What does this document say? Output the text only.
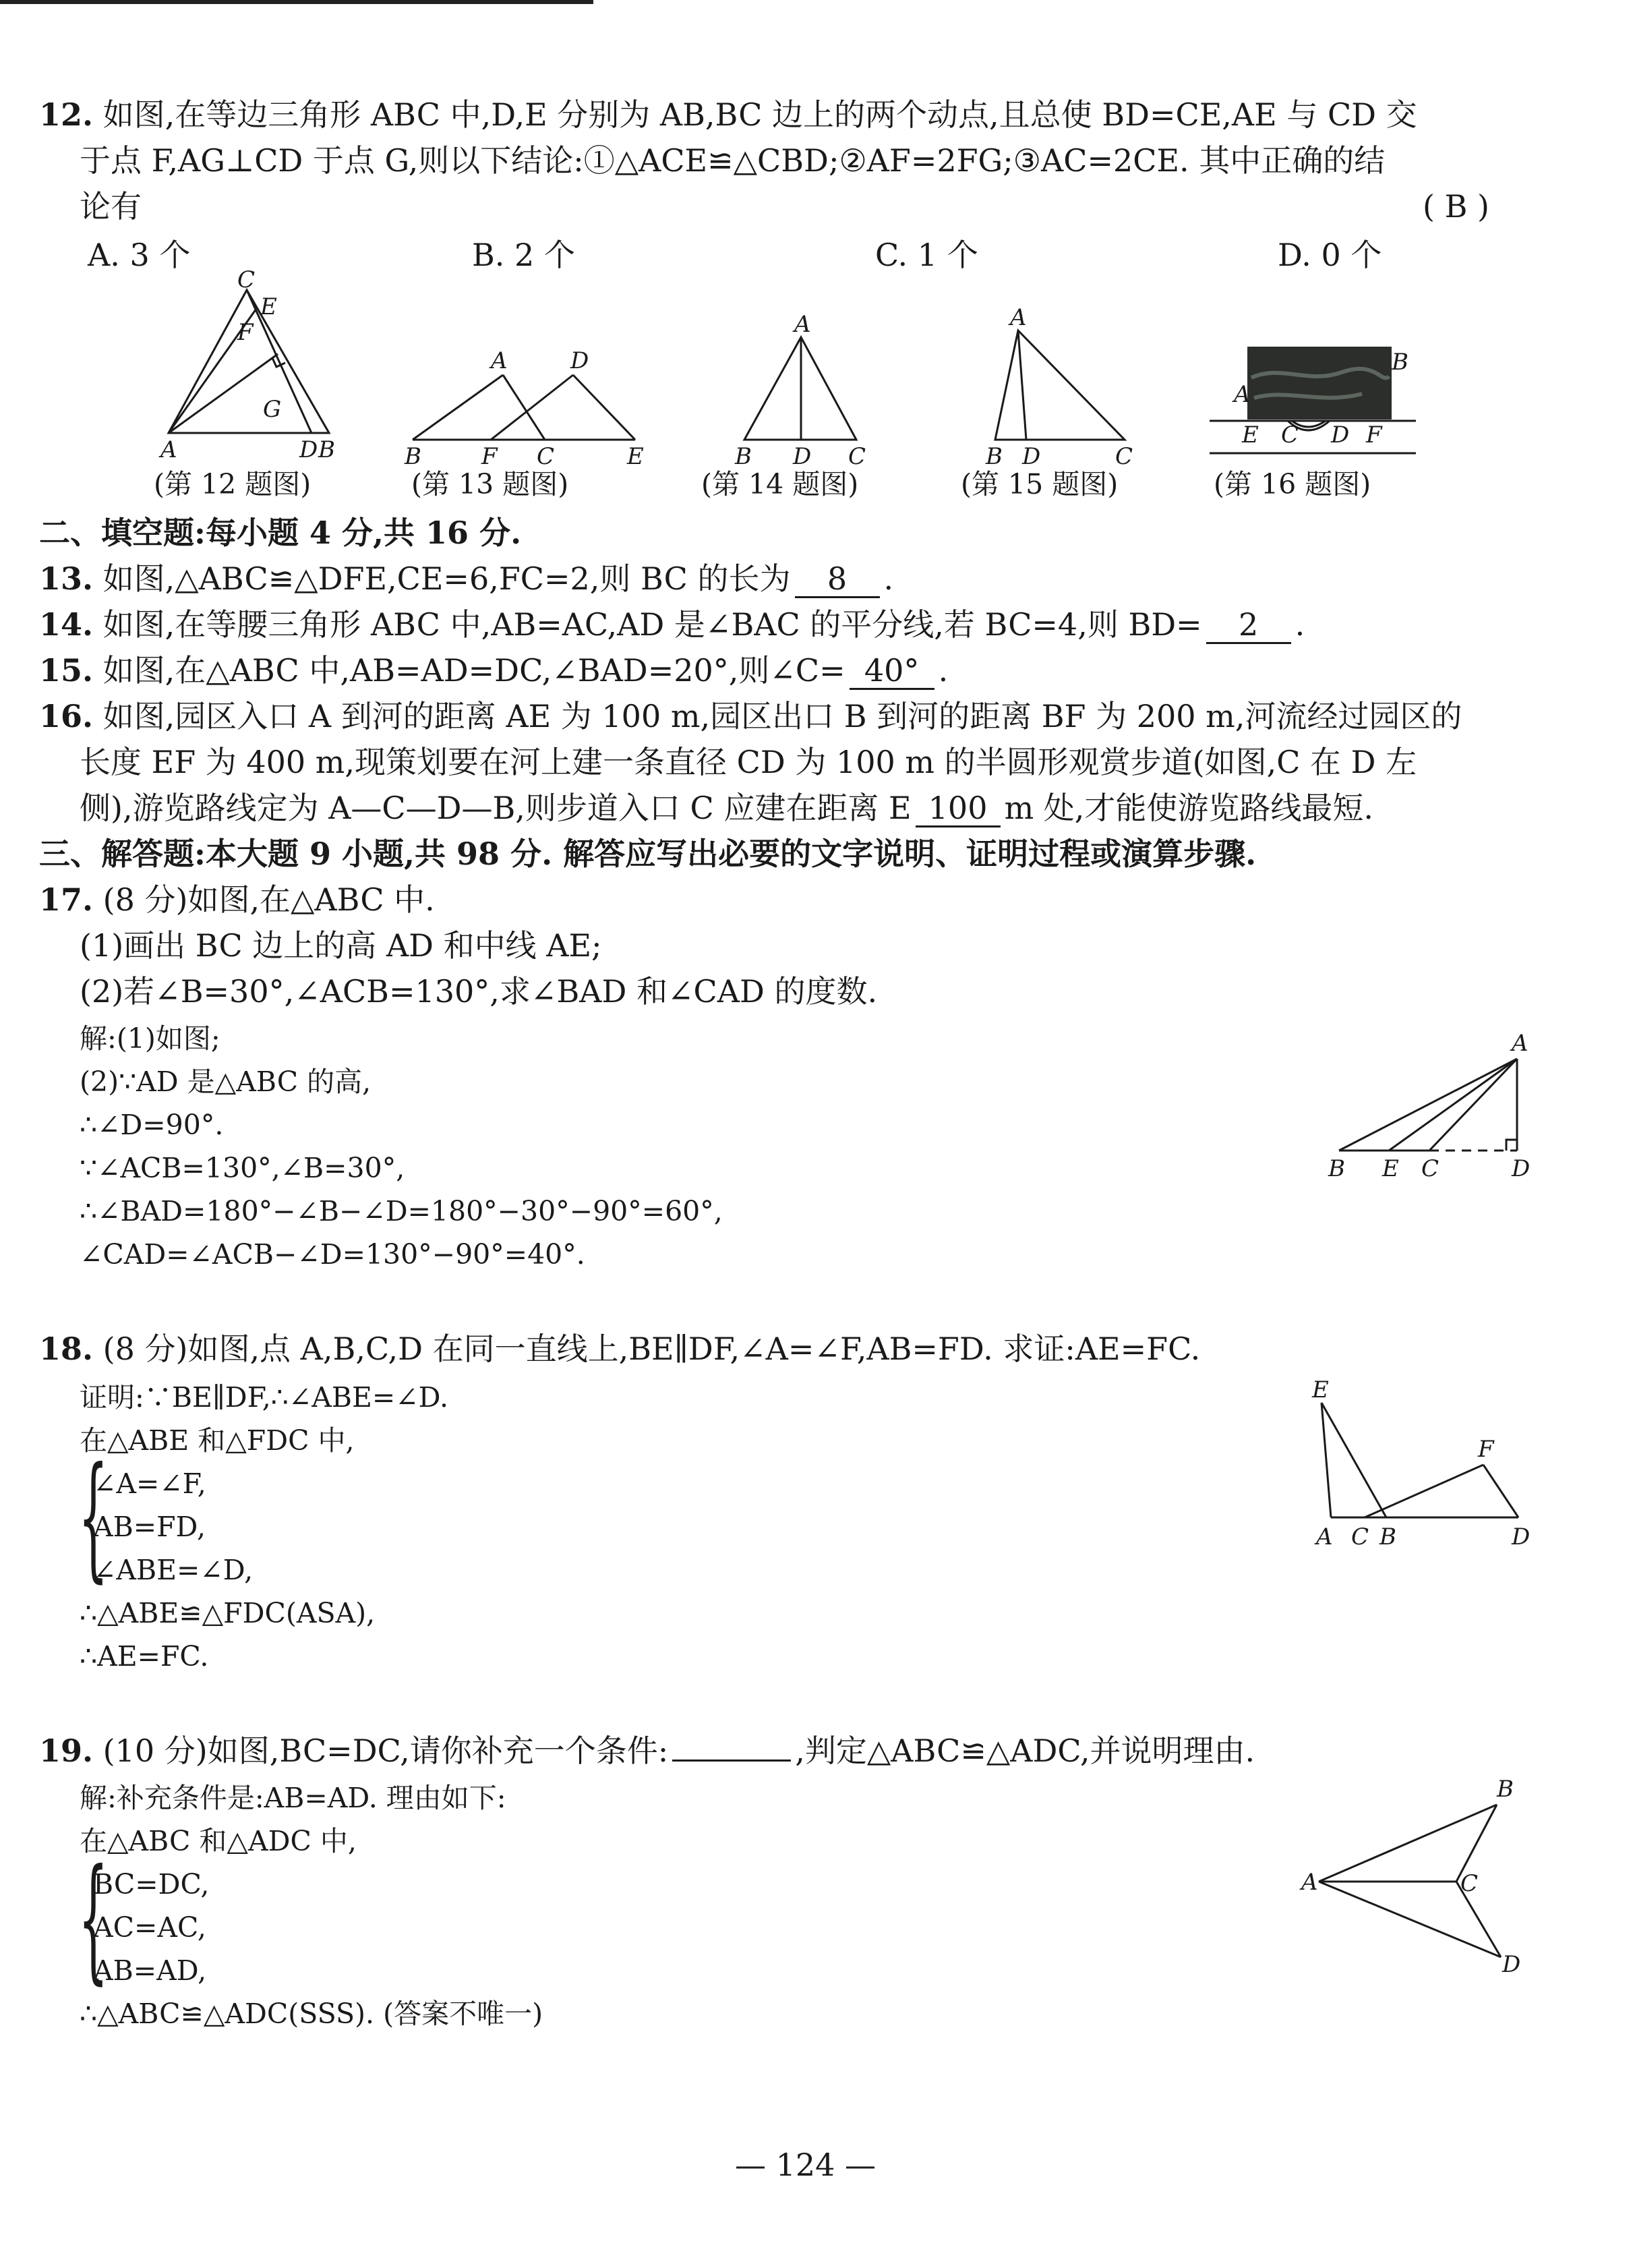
12. 如图,在等边三角形 ABC 中,D,E 分别为 AB,BC 边上的两个动点,且总使 BD=CE,AE 与 CD 交
于点 F,AG⊥CD 于点 G,则以下结论:①△ACE≌△CBD;②AF=2FG;③AC=2CE. 其中正确的结
论有	( B )
A. 3 个	B. 2 个	C. 1 个	D. 0 个
C
E
F
G
A	D B
(第 12 题图)
A	D
B	F C	E
(第 13 题图)
A
B D C
(第 14 题图)
A
B D	C
(第 15 题图)
A
B
E C D F
(第 16 题图)
二、填空题:每小题 4 分,共 16 分.
13. 如图,△ABC≌△DFE,CE=6,FC=2,则 BC 的长为 8 .
14. 如图,在等腰三角形 ABC 中,AB=AC,AD 是∠BAC 的平分线,若 BC=4,则 BD= 2 .
15. 如图,在△ABC 中,AB=AD=DC,∠BAD=20°,则∠C= 40° .
16. 如图,园区入口 A 到河的距离 AE 为 100 m,园区出口 B 到河的距离 BF 为 200 m,河流经过园区的
长度 EF 为 400 m,现策划要在河上建一条直径 CD 为 100 m 的半圆形观赏步道(如图,C 在 D 左
侧),游览路线定为 A—C—D—B,则步道入口 C 应建在距离 E 100 m 处,才能使游览路线最短.
三、解答题:本大题 9 小题,共 98 分. 解答应写出必要的文字说明、证明过程或演算步骤.
17. (8 分)如图,在△ABC 中.
(1)画出 BC 边上的高 AD 和中线 AE;
(2)若∠B=30°,∠ACB=130°,求∠BAD 和∠CAD 的度数.
解:(1)如图;
(2)∵AD 是△ABC 的高,
∴∠D=90°.
∵∠ACB=130°,∠B=30°,
∴∠BAD=180°−∠B−∠D=180°−30°−90°=60°,
∠CAD=∠ACB−∠D=130°−90°=40°.
A
B E C	D
18. (8 分)如图,点 A,B,C,D 在同一直线上,BE∥DF,∠A=∠F,AB=FD. 求证:AE=FC.
证明:∵BE∥DF,∴∠ABE=∠D.
在△ABE 和△FDC 中,
{
∠A=∠F,
AB=FD,
∠ABE=∠D,
∴△ABE≌△FDC(ASA),
∴AE=FC.
E
F
A C B	D
19. (10 分)如图,BC=DC,请你补充一个条件:	,判定△ABC≌△ADC,并说明理由.
解:补充条件是:AB=AD. 理由如下:
在△ABC 和△ADC 中,
{
BC=DC,
AC=AC,
AB=AD,
∴△ABC≌△ADC(SSS). (答案不唯一)
B
A	C
D
— 124 —
